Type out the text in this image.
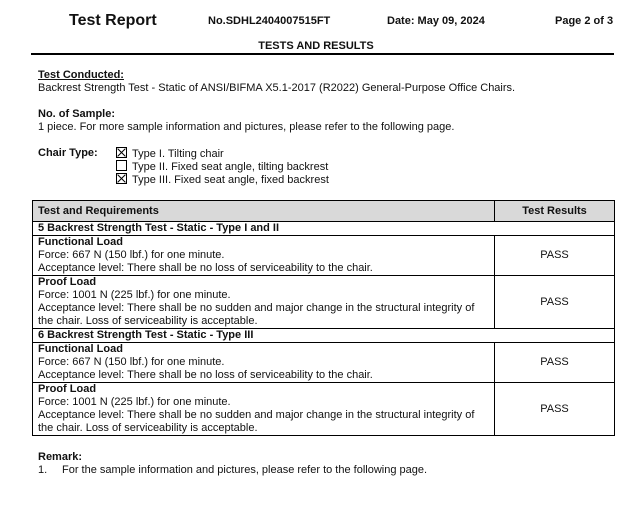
Test Report	No.SDHL2404007515FT	Date: May 09, 2024	Page 2 of 3
TESTS AND RESULTS
Test Conducted:
Backrest Strength Test - Static of ANSI/BIFMA X5.1-2017 (R2022) General-Purpose Office Chairs.
No. of Sample:
1 piece. For more sample information and pictures, please refer to the following page.
Chair Type:	Type I. Tilting chair
Type II. Fixed seat angle, tilting backrest
Type III. Fixed seat angle, fixed backrest
Test and Requirements	Test Results
5 Backrest Strength Test - Static - Type I and II	

Functional Load
Force: 667 N (150 lbf.) for one minute.
Acceptance level: There shall be no loss of serviceability to the chair.	PASS

Proof Load
Force: 1001 N (225 lbf.) for one minute.
Acceptance level: There shall be no sudden and major change in the structural integrity of the chair. Loss of serviceability is acceptable.	PASS
6 Backrest Strength Test - Static - Type III	

Functional Load
Force: 667 N (150 lbf.) for one minute.
Acceptance level: There shall be no loss of serviceability to the chair.	PASS

Proof Load
Force: 1001 N (225 lbf.) for one minute.
Acceptance level: There shall be no sudden and major change in the structural integrity of the chair. Loss of serviceability is acceptable.	PASS
Remark:
1. For the sample information and pictures, please refer to the following page.
